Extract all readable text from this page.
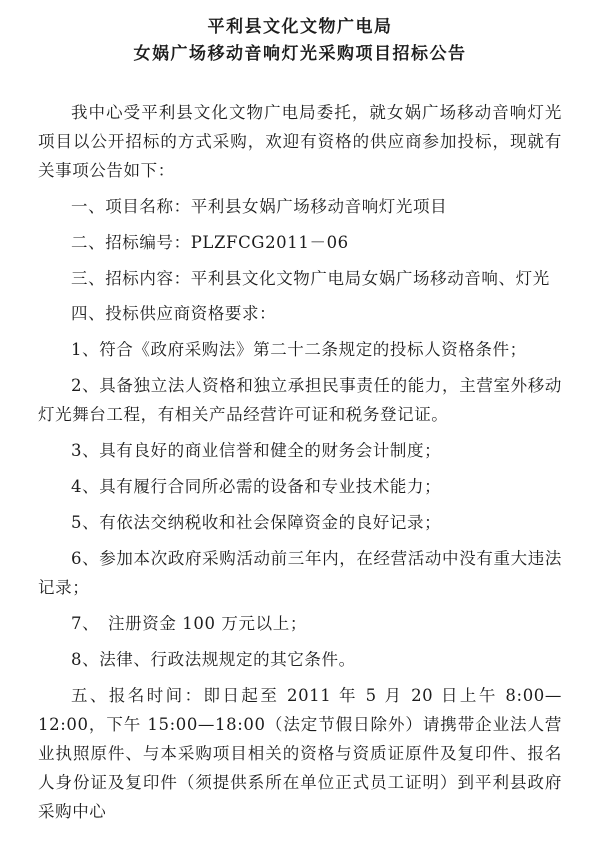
平利县文化文物广电局
女娲广场移动音响灯光采购项目招标公告

我中心受平利县文化文物广电局委托，就女娲广场移动音响灯光项目以公开招标的方式采购，欢迎有资格的供应商参加投标，现就有关事项公告如下：

一、项目名称：平利县女娲广场移动音响灯光项目

二、招标编号：PLZFCG2011－06

三、招标内容：平利县文化文物广电局女娲广场移动音响、灯光

四、投标供应商资格要求：

1、符合《政府采购法》第二十二条规定的投标人资格条件；

2、具备独立法人资格和独立承担民事责任的能力，主营室外移动灯光舞台工程，有相关产品经营许可证和税务登记证。

3、具有良好的商业信誉和健全的财务会计制度；

4、具有履行合同所必需的设备和专业技术能力；

5、有依法交纳税收和社会保障资金的良好记录；

6、参加本次政府采购活动前三年内，在经营活动中没有重大违法记录；

7、　注册资金 100 万元以上；

8、法律、行政法规规定的其它条件。

五、报名时间：即日起至 2011 年 5 月 20 日上午 8:00—12:00，下午 15:00—18:00（法定节假日除外）请携带企业法人营业执照原件、与本采购项目相关的资格与资质证原件及复印件、报名人身份证及复印件（须提供系所在单位正式员工证明）到平利县政府采购中心
